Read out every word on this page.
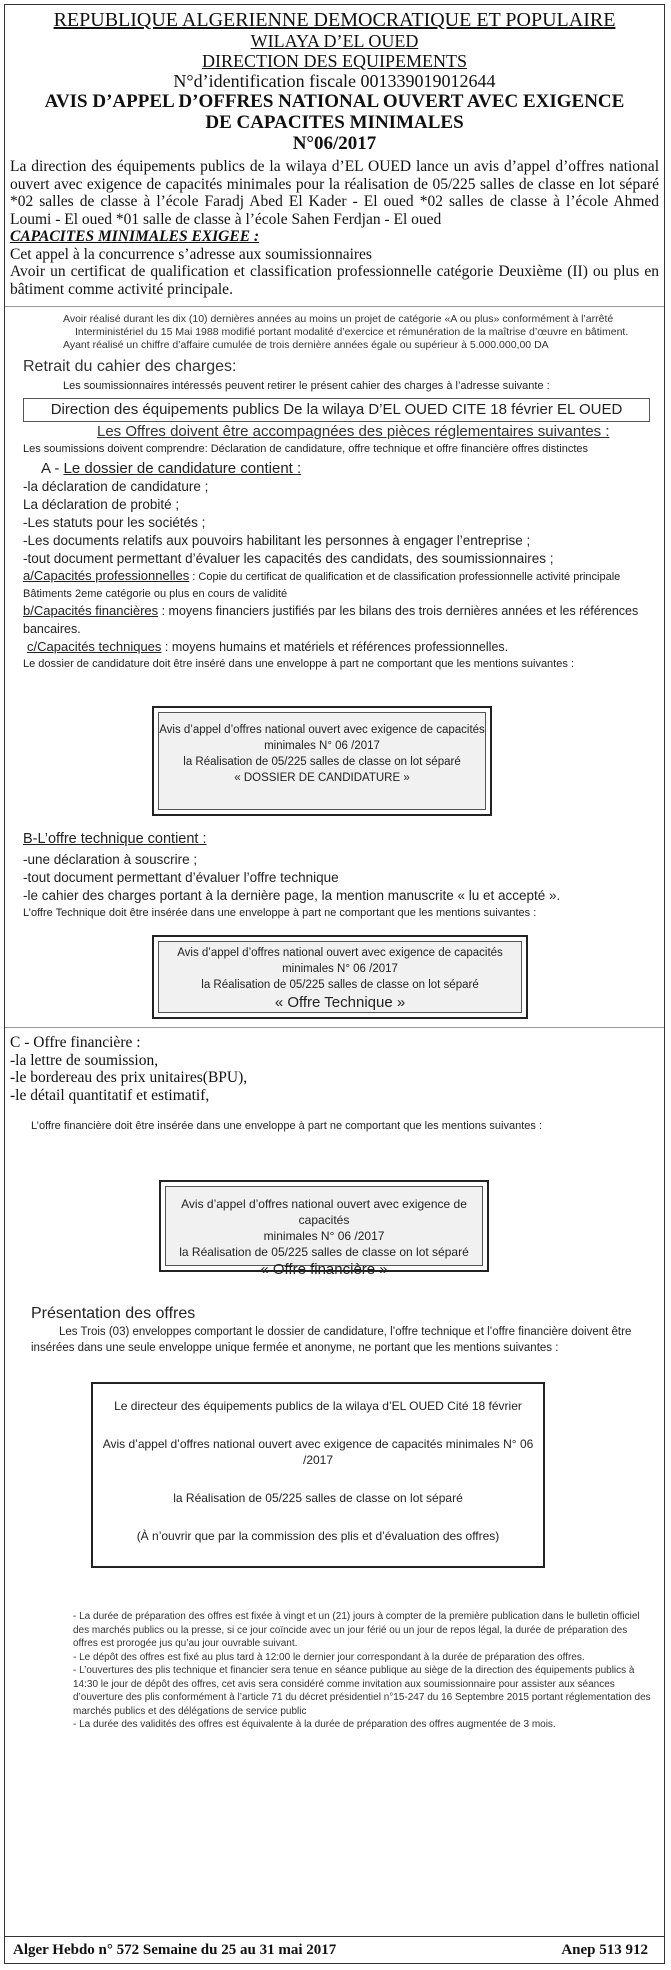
REPUBLIQUE ALGERIENNE DEMOCRATIQUE ET POPULAIRE
WILAYA D’EL OUED
DIRECTION DES EQUIPEMENTS
N°d’identification fiscale 001339019012644
AVIS D’APPEL D’OFFRES NATIONAL OUVERT AVEC EXIGENCE
DE CAPACITES MINIMALES
N°06/2017
La direction des équipements publics de la wilaya d’EL OUED lance un avis d’appel d’offres national ouvert avec exigence de capacités minimales pour la réalisation de 05/225 salles de classe en lot séparé *02 salles de classe à l’école Faradj Abed El Kader - El oued *02 salles de classe à l’école Ahmed Loumi - El oued *01 salle de classe à l’école Sahen Ferdjan - El oued
CAPACITES MINIMALES EXIGEE :
Cet appel à la concurrence s’adresse aux soumissionnaires
Avoir un certificat de qualification et classification professionnelle catégorie Deuxième (II) ou plus en bâtiment comme activité principale.
Avoir réalisé durant les dix (10) dernières années au moins un projet de catégorie «A ou plus» conformément à l’arrêté
Interministériel du 15 Mai 1988 modifié portant modalité d’exercice et rémunération de la maîtrise d’œuvre en bâtiment.
Ayant réalisé un chiffre d’affaire cumulée de trois dernière années égale ou supérieur à 5.000.000,00 DA
Retrait du cahier des charges:
Les soumissionnaires intéressés peuvent retirer le présent cahier des charges à l’adresse suivante :
Direction des équipements publics De la wilaya D’EL OUED CITE 18 février EL OUED
Les Offres doivent être accompagnées des pièces réglementaires suivantes :
Les soumissions doivent comprendre: Déclaration de candidature, offre technique et offre financière offres distinctes
A - Le dossier de candidature contient :
-la déclaration de candidature ;
La déclaration de probité ;
-Les statuts pour les sociétés ;
-Les documents relatifs aux pouvoirs habilitant les personnes à engager l’entreprise ;
-tout document permettant d’évaluer les capacités des candidats, des soumissionnaires ;
a/Capacités professionnelles : Copie du certificat de qualification et de classification professionnelle activité principale Bâtiments 2eme catégorie ou plus en cours de validité
b/Capacités financières : moyens financiers justifiés par les bilans des trois dernières années et les références bancaires.
c/Capacités techniques : moyens humains et matériels et références professionnelles.
Le dossier de candidature doit être inséré dans une enveloppe à part ne comportant que les mentions suivantes :
Avis d’appel d’offres national ouvert avec exigence de capacités
minimales N° 06 /2017
la Réalisation de 05/225 salles de classe on lot séparé
« DOSSIER DE CANDIDATURE »
B-L’offre technique contient :
-une déclaration à souscrire ;
-tout document permettant d’évaluer l’offre technique
-le cahier des charges portant à la dernière page, la mention manuscrite « lu et accepté ».
L’offre Technique doit être insérée dans une enveloppe à part ne comportant que les mentions suivantes :
Avis d’appel d’offres national ouvert avec exigence de capacités
minimales N° 06 /2017
la Réalisation de 05/225 salles de classe on lot séparé
« Offre Technique »
C - Offre financière :
-la lettre de soumission,
-le bordereau des prix unitaires(BPU),
-le détail quantitatif et estimatif,
L’offre financière doit être insérée dans une enveloppe à part ne comportant que les mentions suivantes :
Avis d’appel d’offres national ouvert avec exigence de capacités
minimales N° 06 /2017
la Réalisation de 05/225 salles de classe on lot séparé
« Offre financière »
Présentation des offres
Les Trois (03) enveloppes comportant le dossier de candidature, l’offre technique et l’offre financière doivent être insérées dans une seule enveloppe unique fermée et anonyme, ne portant que les mentions suivantes :
Le directeur des équipements publics de la wilaya d’EL OUED Cité 18 février
Avis d’appel d’offres national ouvert avec exigence de capacités minimales N° 06 /2017
la Réalisation de 05/225 salles de classe on lot séparé
(À n’ouvrir que par la commission des plis et d’évaluation des offres)
- La durée de préparation des offres est fixée à vingt et un (21) jours à compter de la première publication dans le bulletin officiel des marchés publics ou la presse, si ce jour coïncide avec un jour férié ou un jour de repos légal, la durée de préparation des offres est prorogée jus qu’au jour ouvrable suivant.
- Le dépôt des offres est fixé au plus tard à 12:00 le dernier jour correspondant à la durée de préparation des offres.
- L’ouvertures des plis technique et financier sera tenue en séance publique au siège de la direction des équipements publics à 14:30 le jour de dépôt des offres, cet avis sera considéré comme invitation aux soumissionnaire pour assister aux séances d’ouverture des plis conformément à l’article 71 du décret présidentiel n°15-247 du 16 Septembre 2015 portant réglementation des marchés publics et des délégations de service public
- La durée des validités des offres est équivalente à la durée de préparation des offres augmentée de 3 mois.
Alger Hebdo n° 572 Semaine du 25 au 31 mai 2017	Anep 513 912
